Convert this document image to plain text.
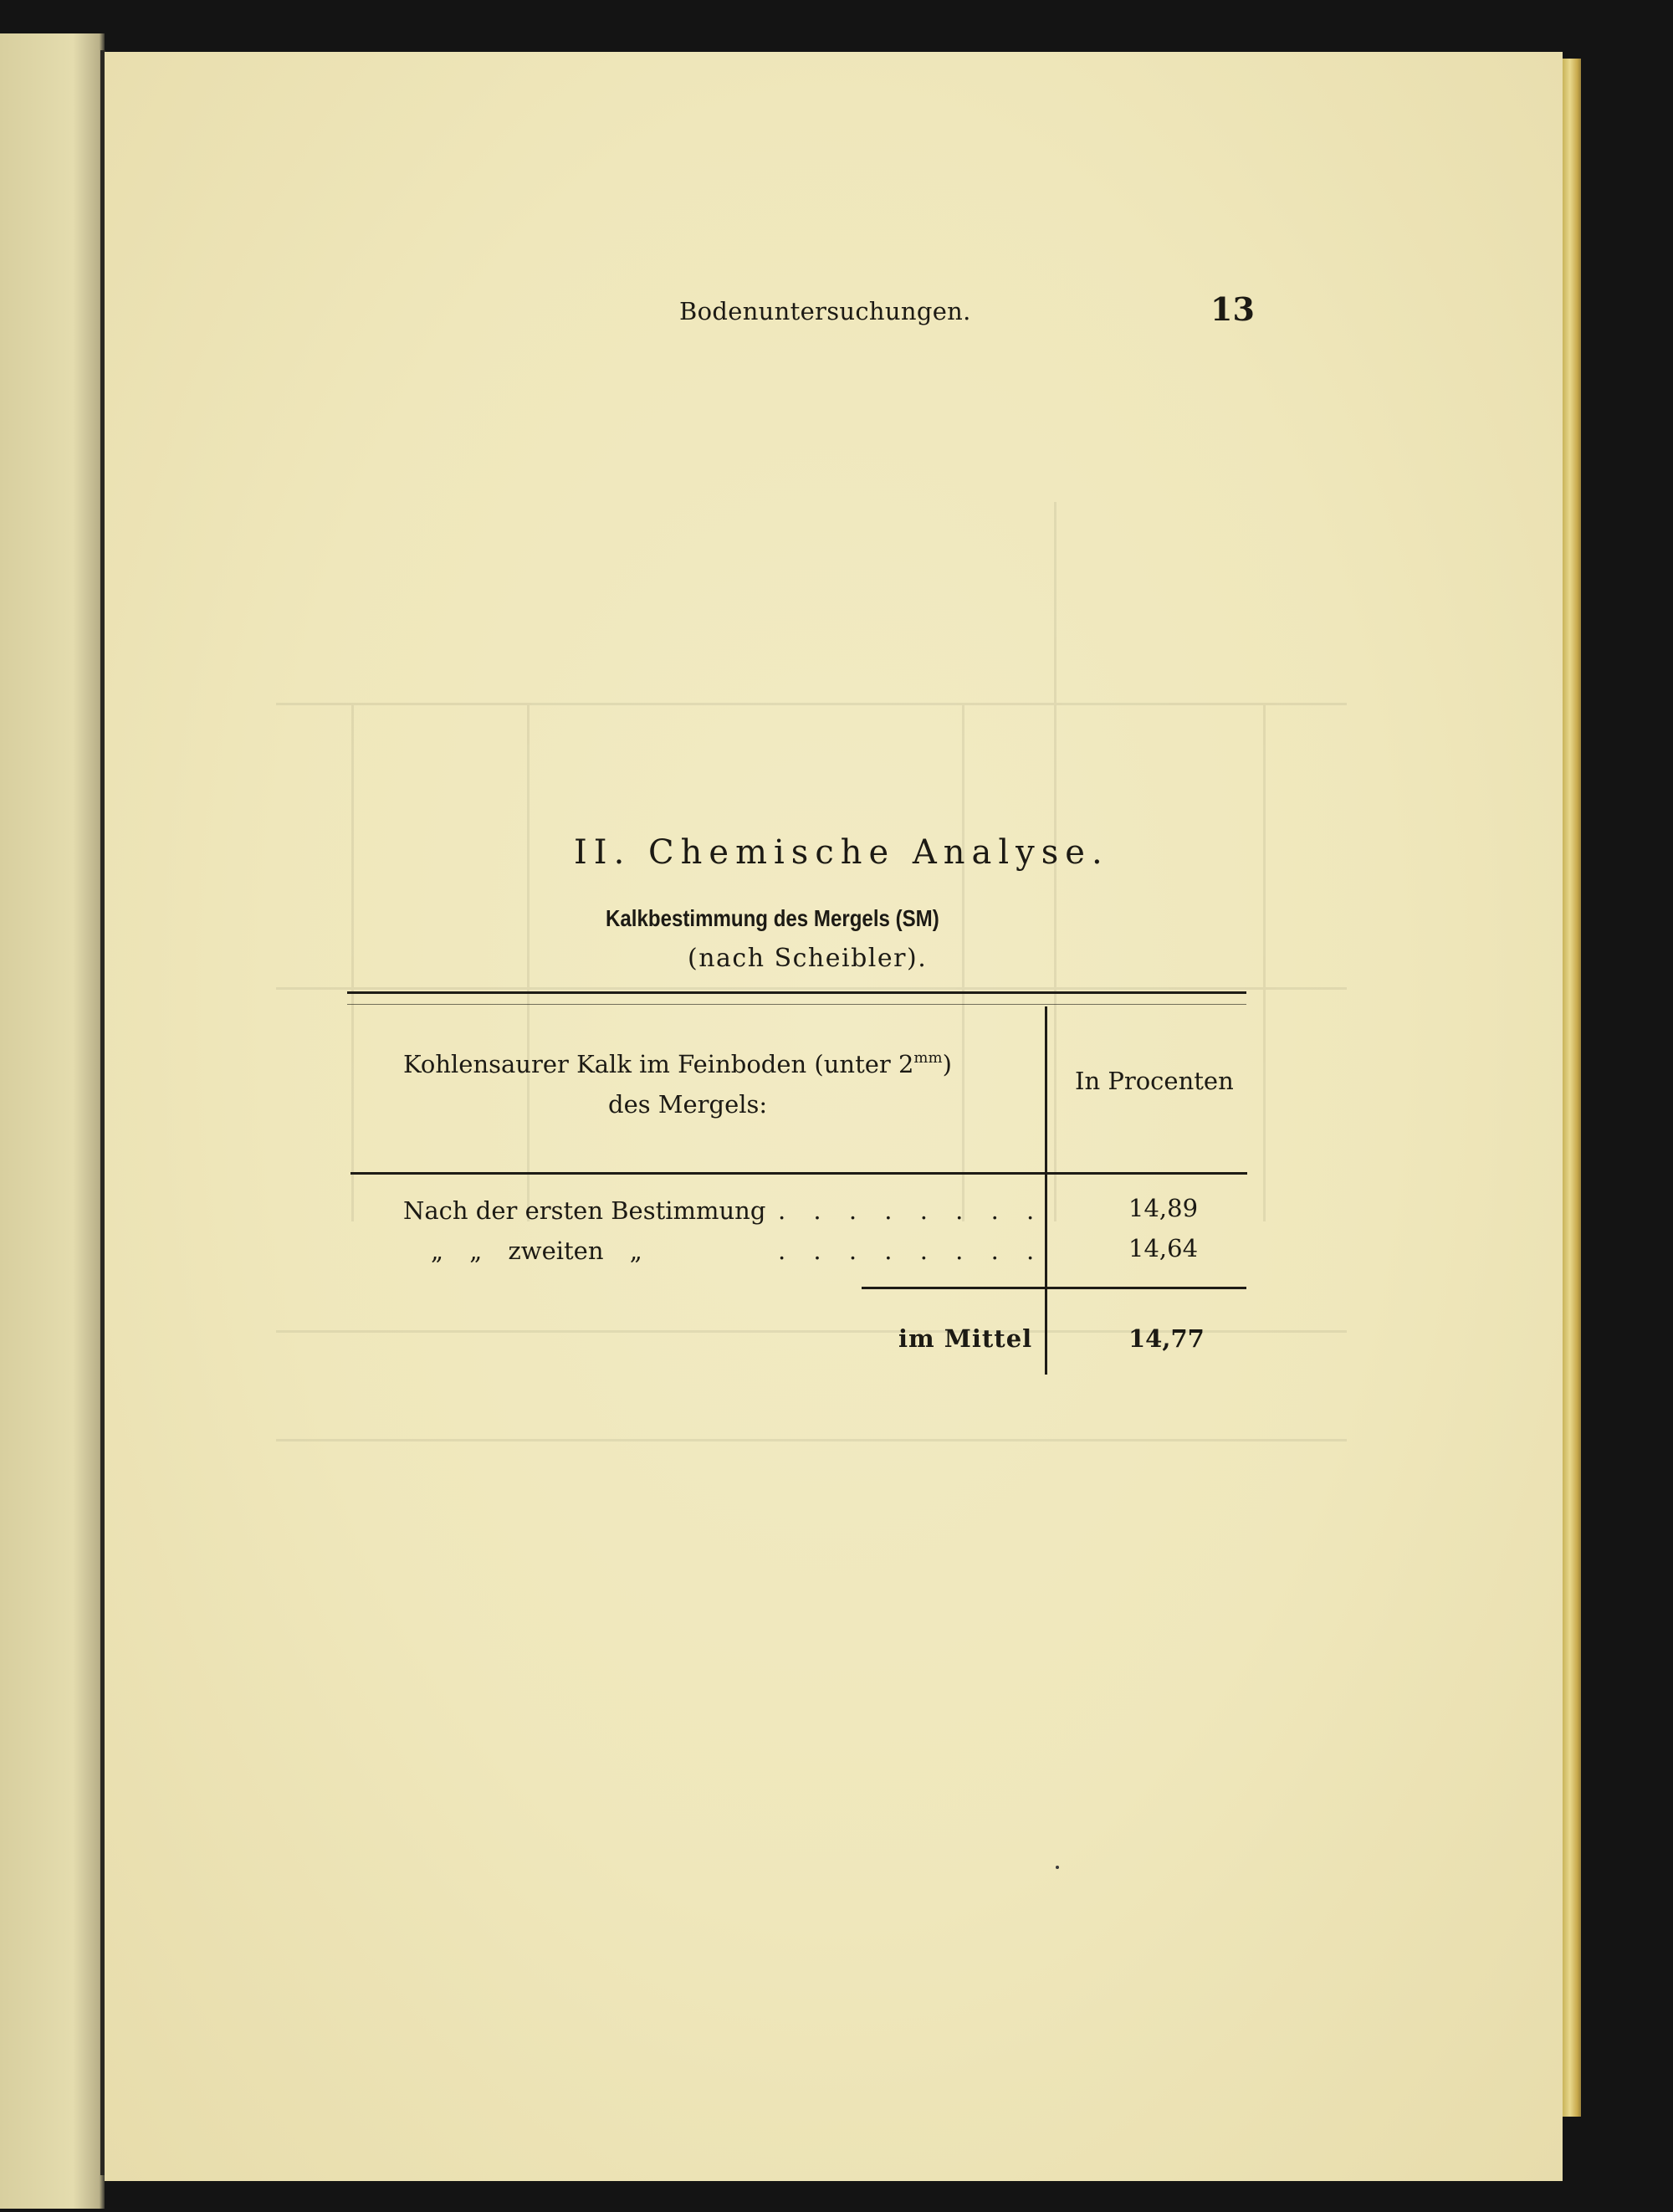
Bodenuntersuchungen.	13
II. Chemische Analyse.
Kalkbestimmung des Mergels (SM)
(nach Scheibler).
Kohlensaurer Kalk im Feinboden (unter $2^{mm}$)
des Mergels:
In Procenten
Nach der ersten Bestimmung . . . . . . . .	14,89
„ „ zweiten „	. . . . . . . .	14,64
im Mittel	14,77
